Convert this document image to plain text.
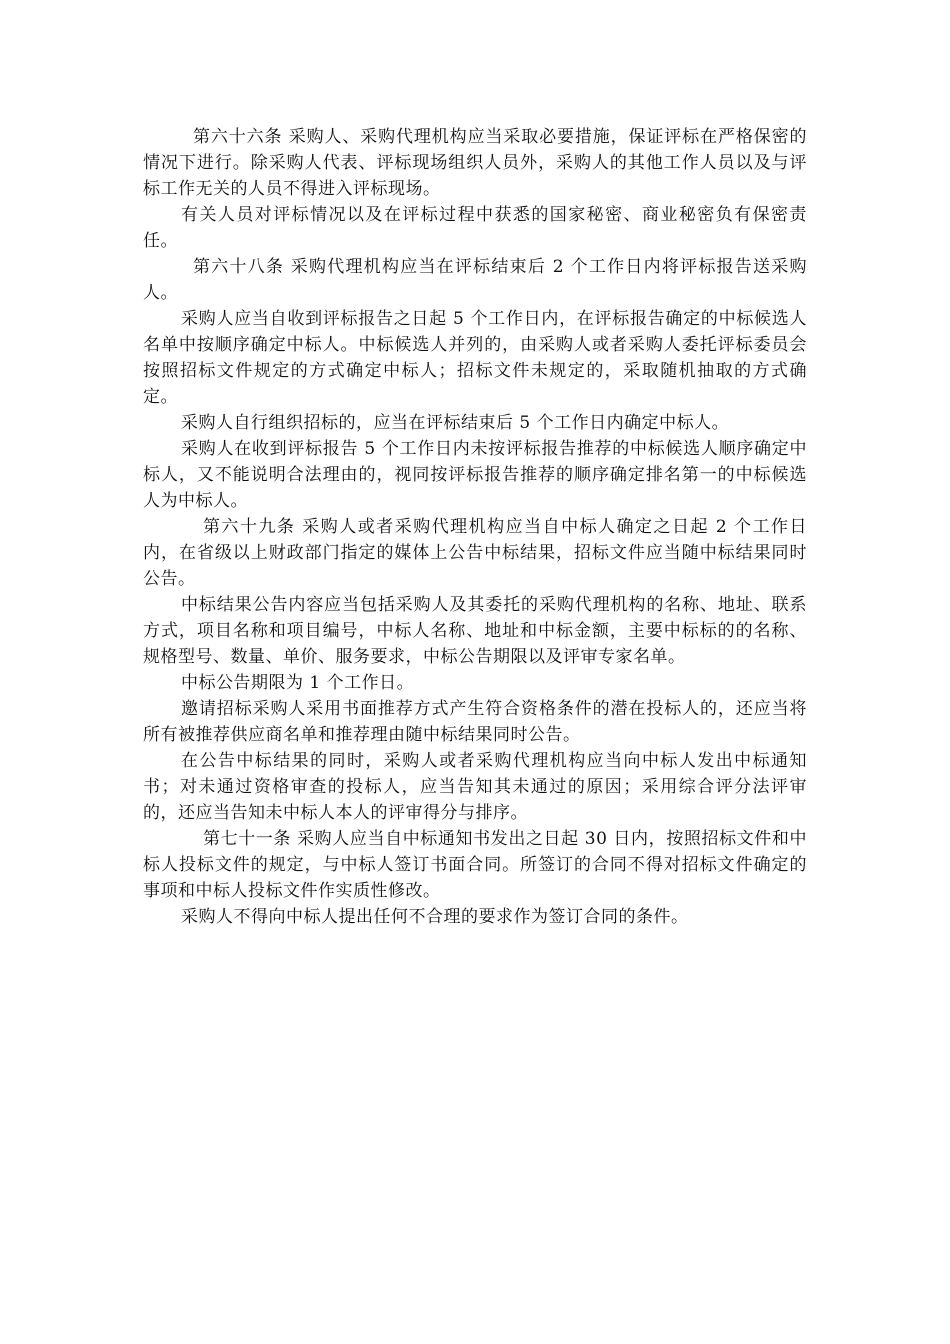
第六十六条 采购人、采购代理机构应当采取必要措施，保证评标在严格保密的情况下进行。除采购人代表、评标现场组织人员外，采购人的其他工作人员以及与评标工作无关的人员不得进入评标现场。

有关人员对评标情况以及在评标过程中获悉的国家秘密、商业秘密负有保密责任。

第六十八条 采购代理机构应当在评标结束后 2 个工作日内将评标报告送采购人。

采购人应当自收到评标报告之日起 5 个工作日内，在评标报告确定的中标候选人名单中按顺序确定中标人。中标候选人并列的，由采购人或者采购人委托评标委员会按照招标文件规定的方式确定中标人；招标文件未规定的，采取随机抽取的方式确定。

采购人自行组织招标的，应当在评标结束后 5 个工作日内确定中标人。

采购人在收到评标报告 5 个工作日内未按评标报告推荐的中标候选人顺序确定中标人，又不能说明合法理由的，视同按评标报告推荐的顺序确定排名第一的中标候选人为中标人。

第六十九条 采购人或者采购代理机构应当自中标人确定之日起 2 个工作日内，在省级以上财政部门指定的媒体上公告中标结果，招标文件应当随中标结果同时公告。

中标结果公告内容应当包括采购人及其委托的采购代理机构的名称、地址、联系方式，项目名称和项目编号，中标人名称、地址和中标金额，主要中标标的的名称、规格型号、数量、单价、服务要求，中标公告期限以及评审专家名单。

中标公告期限为 1 个工作日。

邀请招标采购人采用书面推荐方式产生符合资格条件的潜在投标人的，还应当将所有被推荐供应商名单和推荐理由随中标结果同时公告。

在公告中标结果的同时，采购人或者采购代理机构应当向中标人发出中标通知书；对未通过资格审查的投标人，应当告知其未通过的原因；采用综合评分法评审的，还应当告知未中标人本人的评审得分与排序。

第七十一条 采购人应当自中标通知书发出之日起 30 日内，按照招标文件和中标人投标文件的规定，与中标人签订书面合同。所签订的合同不得对招标文件确定的事项和中标人投标文件作实质性修改。

采购人不得向中标人提出任何不合理的要求作为签订合同的条件。
